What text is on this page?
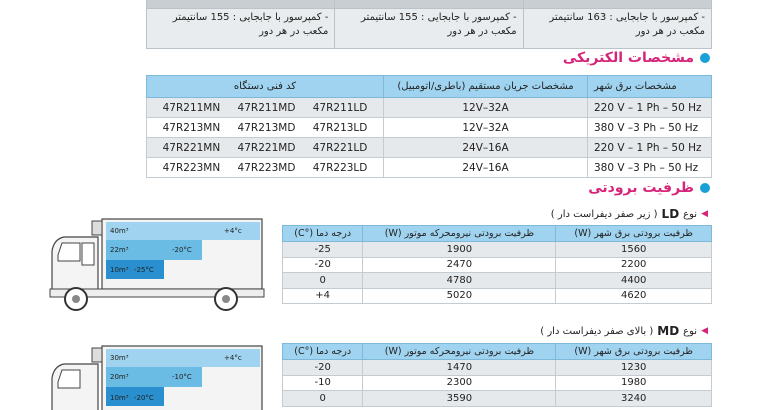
- کمپرسور با جابجایی : 163 سانتیمتر مکعب در هر دور	- کمپرسور با جابجایی : 155 سانتیمتر مکعب در هر دور	- کمپرسور با جابجایی : 155 سانتیمتر مکعب در هر دور
مشخصات الکتریکی
مشخصات برق شهر	مشخصات جریان مستقیم (باطری/اتومبیل)	کد فنی دستگاه
220 V – 1 Ph – 50 Hz	12V–32A	47R211MN 47R211MD 47R211LD
380 V –3 Ph – 50 Hz	12V–32A	47R213MN 47R213MD 47R213LD
220 V – 1 Ph – 50 Hz	24V–16A	47R221MN 47R221MD 47R221LD
380 V –3 Ph – 50 Hz	24V–16A	47R223MN 47R223MD 47R223LD
ظرفیت برودتی
◀
نوع
LD
( زیر صفر دیفراست دار )
ظرفیت برودتی برق شهر (W)	ظرفیت برودتی نیرومحرکه موتور (W)	درجه دما (°C)
1560	1900	-25
2200	2470	-20
4400	4780	0
4620	5020	+4
40m³
22m³
10m³
+4°c
-20°C
-25°C
◀
نوع
MD
( بالای صفر دیفراست دار )
ظرفیت برودتی برق شهر (W)	ظرفیت برودتی نیرومحرکه موتور (W)	درجه دما (°C)
1230	1470	-20
1980	2300	-10
3240	3590	0
30m³
20m³
10m³
+4°c
-10°C
-20°C
